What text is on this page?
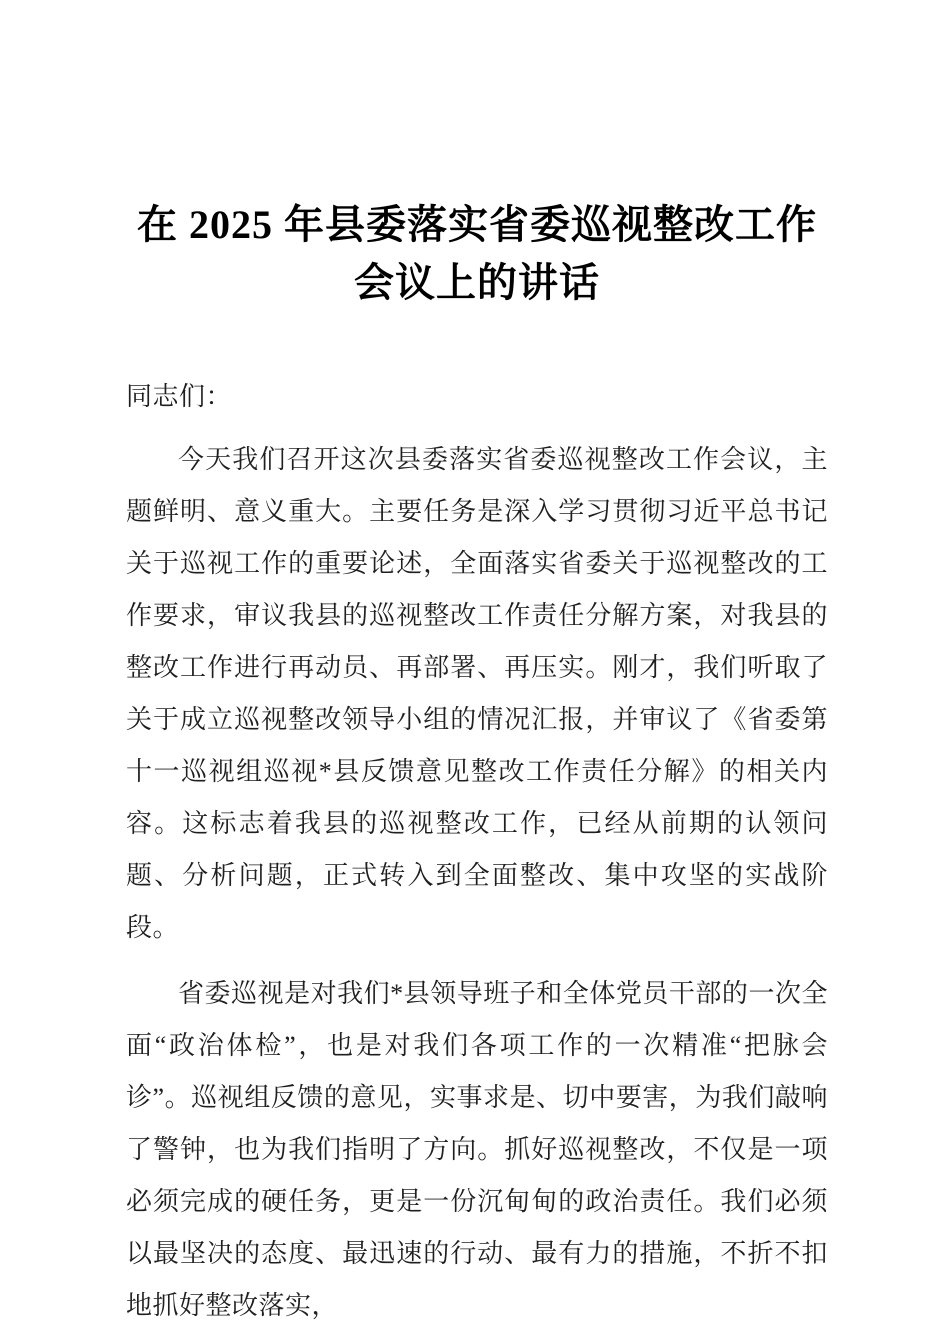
在 2025 年县委落实省委巡视整改工作会议上的讲话

同志们：

今天我们召开这次县委落实省委巡视整改工作会议，主题鲜明、意义重大。主要任务是深入学习贯彻习近平总书记关于巡视工作的重要论述，全面落实省委关于巡视整改的工作要求，审议我县的巡视整改工作责任分解方案，对我县的整改工作进行再动员、再部署、再压实。刚才，我们听取了关于成立巡视整改领导小组的情况汇报，并审议了《省委第十一巡视组巡视*县反馈意见整改工作责任分解》的相关内容。这标志着我县的巡视整改工作，已经从前期的认领问题、分析问题，正式转入到全面整改、集中攻坚的实战阶段。

省委巡视是对我们*县领导班子和全体党员干部的一次全面“政治体检”，也是对我们各项工作的一次精准“把脉会诊”。巡视组反馈的意见，实事求是、切中要害，为我们敲响了警钟，也为我们指明了方向。抓好巡视整改，不仅是一项必须完成的硬任务，更是一份沉甸甸的政治责任。我们必须以最坚决的态度、最迅速的行动、最有力的措施，不折不扣地抓好整改落实，
